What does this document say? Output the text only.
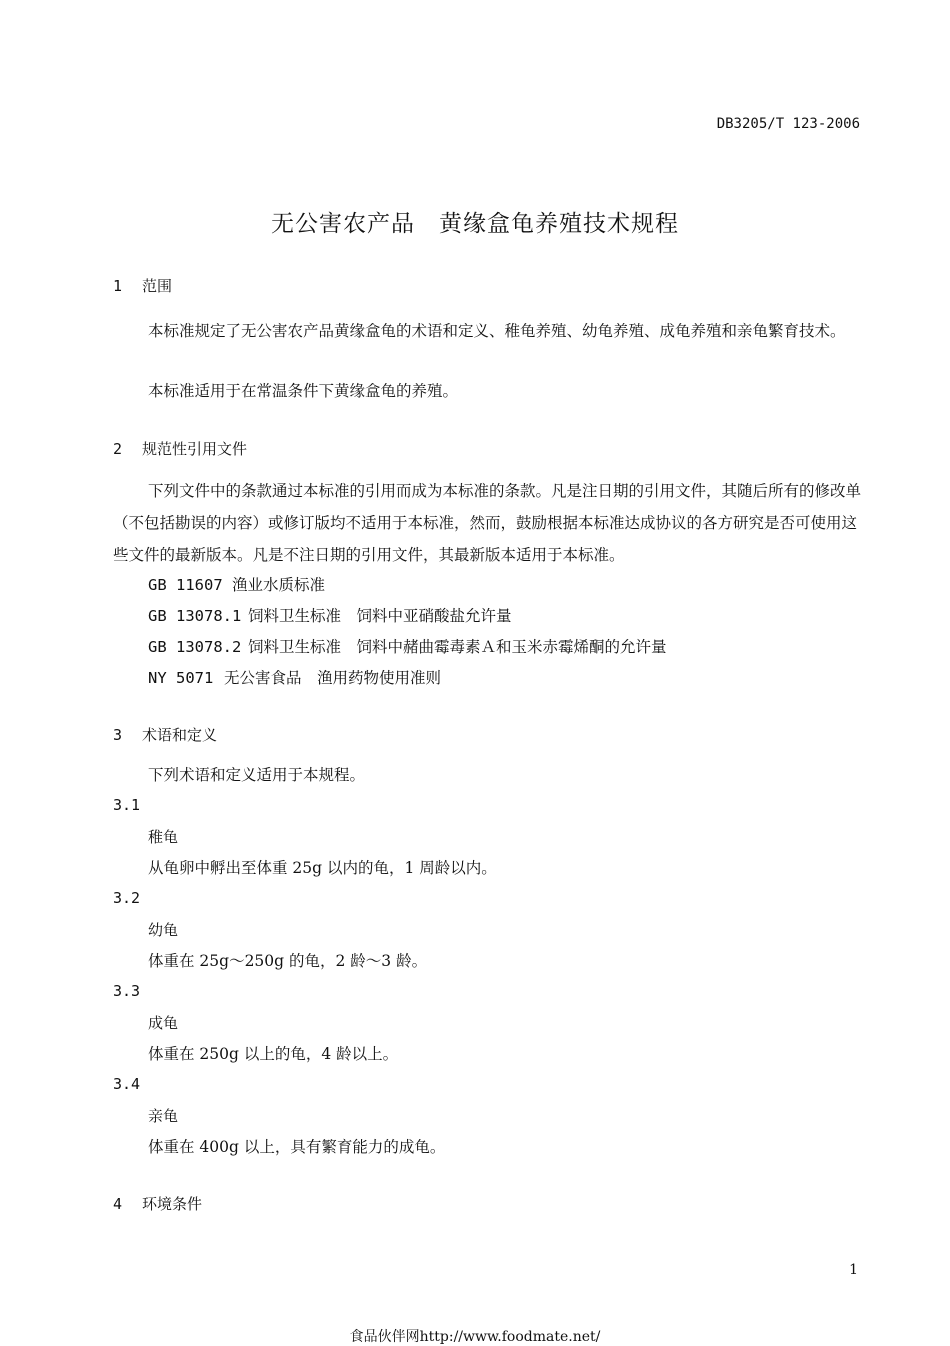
DB3205/T 123-2006
无公害农产品　黄缘盒龟养殖技术规程
1 范围
本标准规定了无公害农产品黄缘盒龟的术语和定义、稚龟养殖、幼龟养殖、成龟养殖和亲龟繁育技术。
本标准适用于在常温条件下黄缘盒龟的养殖。
2 规范性引用文件
下列文件中的条款通过本标准的引用而成为本标准的条款。凡是注日期的引用文件，其随后所有的修改单（不包括勘误的内容）或修订版均不适用于本标准，然而，鼓励根据本标准达成协议的各方研究是否可使用这些文件的最新版本。凡是不注日期的引用文件，其最新版本适用于本标准。
GB 11607 渔业水质标准
GB 13078.1 饲料卫生标准　饲料中亚硝酸盐允许量
GB 13078.2 饲料卫生标准　饲料中赭曲霉毒素Ａ和玉米赤霉烯酮的允许量
NY 5071 无公害食品　渔用药物使用准则
3 术语和定义
下列术语和定义适用于本规程。
3.1
稚龟
从龟卵中孵出至体重 25g 以内的龟，1 周龄以内。
3.2
幼龟
体重在 25g～250g 的龟，2 龄～3 龄。
3.3
成龟
体重在 250g 以上的龟，4 龄以上。
3.4
亲龟
体重在 400g 以上，具有繁育能力的成龟。
4 环境条件
1
食品伙伴网http://www.foodmate.net/
